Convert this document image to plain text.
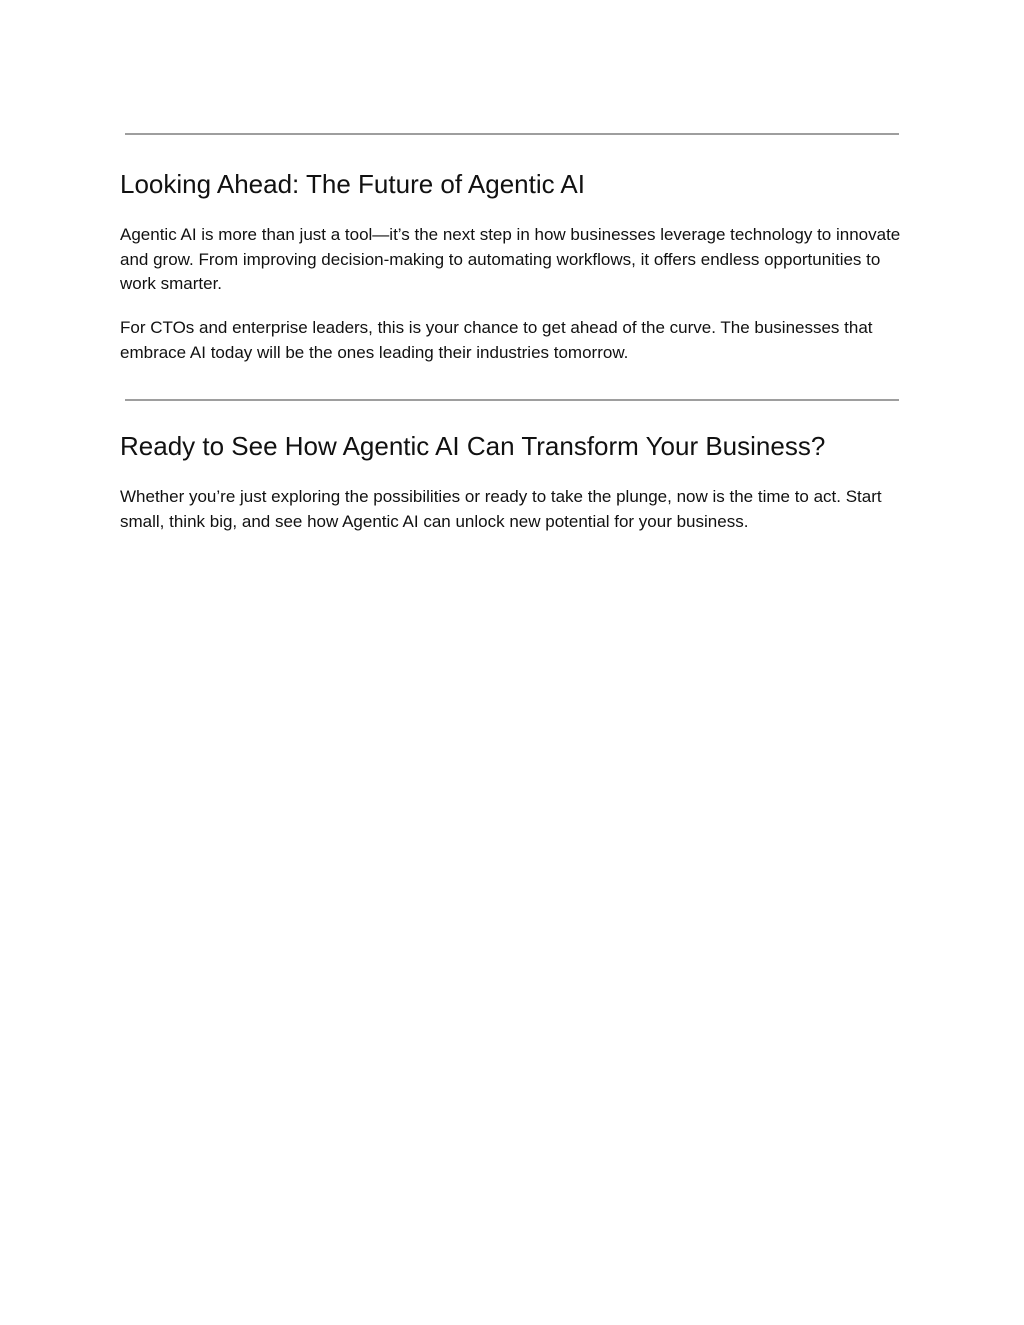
Looking Ahead: The Future of Agentic AI

Agentic AI is more than just a tool—it’s the next step in how businesses leverage technology to innovate and grow. From improving decision-making to automating workflows, it offers endless opportunities to work smarter.

For CTOs and enterprise leaders, this is your chance to get ahead of the curve. The businesses that embrace AI today will be the ones leading their industries tomorrow.

Ready to See How Agentic AI Can Transform Your Business?

Whether you’re just exploring the possibilities or ready to take the plunge, now is the time to act. Start small, think big, and see how Agentic AI can unlock new potential for your business.
